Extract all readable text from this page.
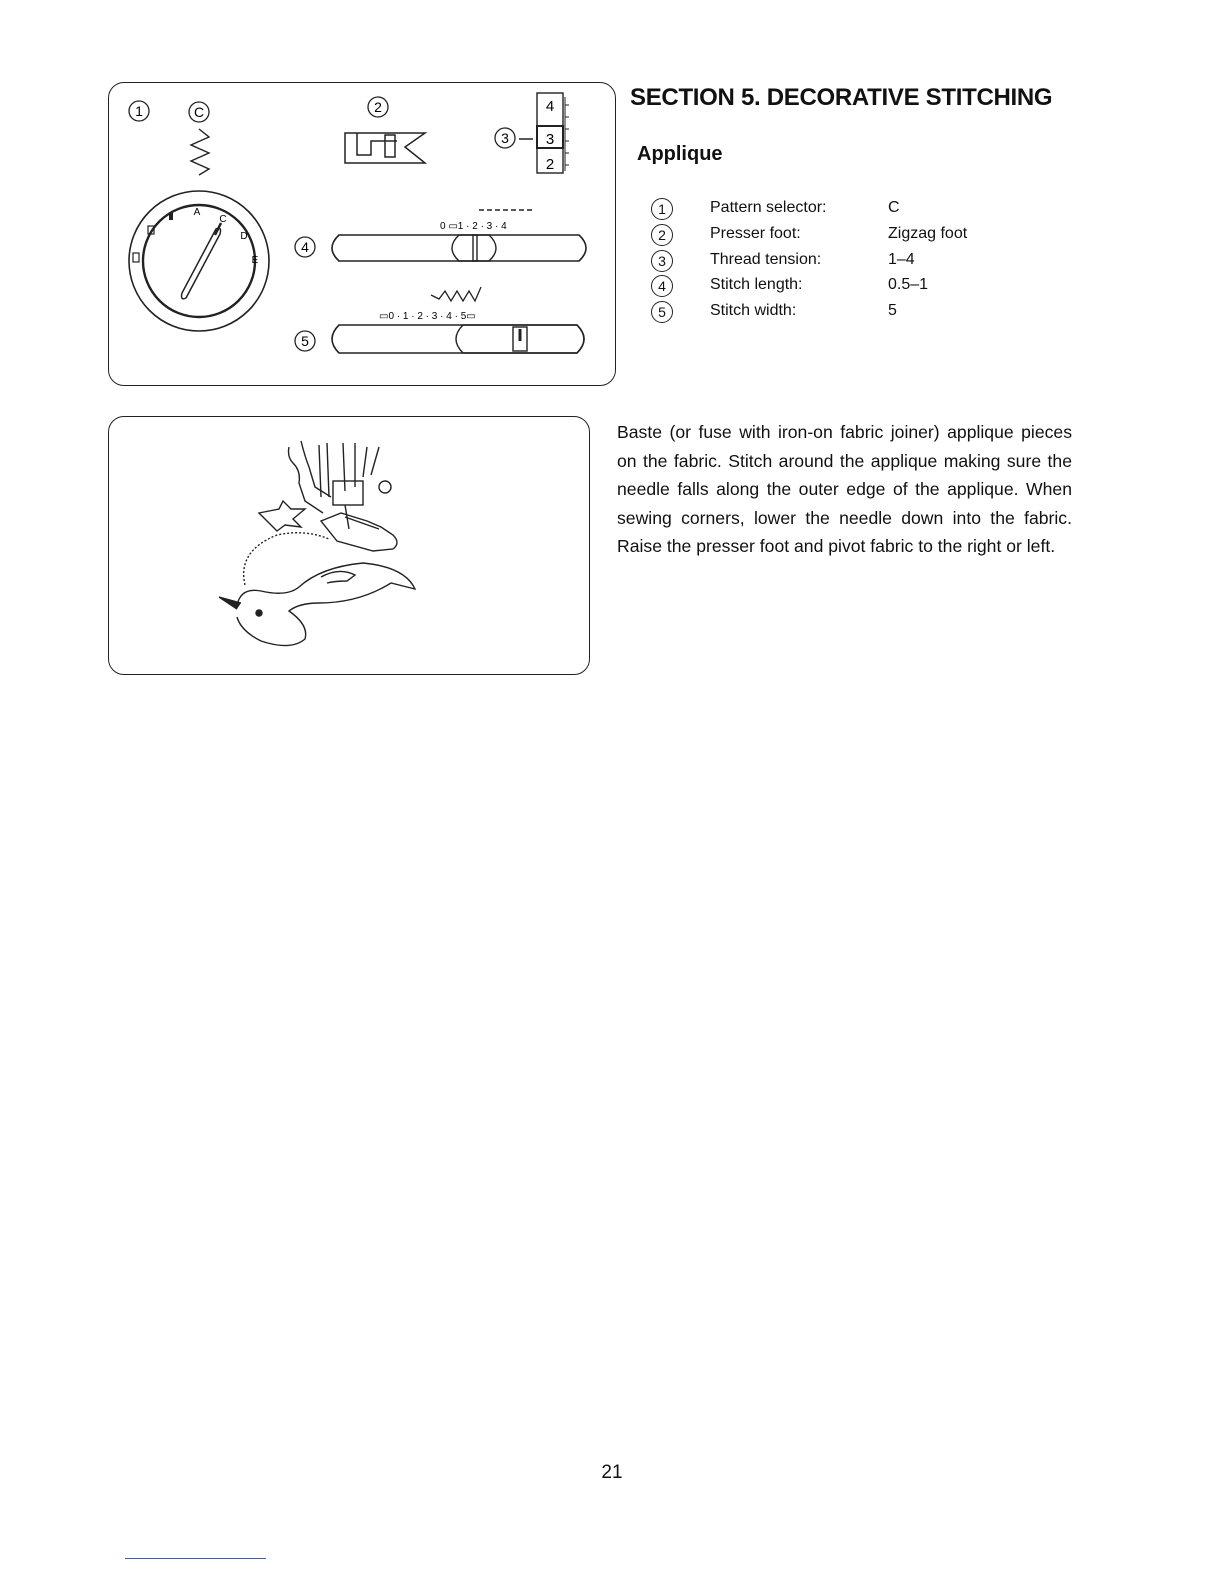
1	C	2
3
4
3
2
A
C
D
E
4
0 ▭1 · 2 · 3 · 4
5
▭0 · 1 · 2 · 3 · 4 · 5▭
SECTION 5. DECORATIVE STITCHING
Applique
1	Pattern selector:	C
2	Presser foot:	Zigzag foot
3	Thread tension:	1–4
4	Stitch length:	0.5–1
5	Stitch width:	5

Baste (or fuse with iron-on fabric joiner) applique pieces on the fabric. Stitch around the applique making sure the needle falls along the outer edge of the applique. When sewing corners, lower the needle down into the fabric. Raise the presser foot and pivot fabric to the right or left.

21
